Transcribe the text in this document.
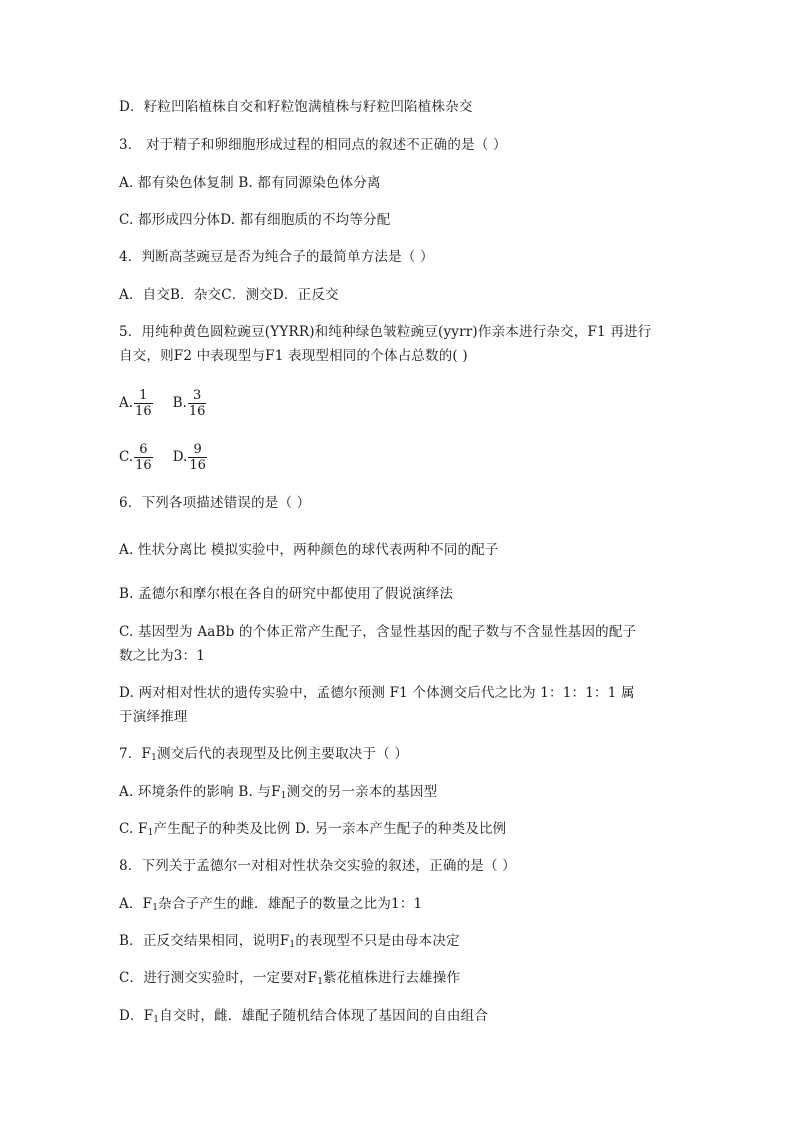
D．籽粒凹陷植株自交和籽粒饱满植株与籽粒凹陷植株杂交
3． 对于精子和卵细胞形成过程的相同点的叙述不正确的是（ ）
A. 都有染色体复制 B. 都有同源染色体分离
C. 都形成四分体D. 都有细胞质的不均等分配
4．判断高茎豌豆是否为纯合子的最简单方法是（ ）
A．自交B．杂交C．测交D．正反交
5．用纯种黄色圆粒豌豆(YYRR)和纯种绿色皱粒豌豆(yyrr)作亲本进行杂交，F1 再进行
自交，则F2 中表现型与F1 表现型相同的个体占总数的( )
A. $\frac{1}{16} B$. $\frac{3}{16}$
C. $\frac{6}{16} D$. $\frac{9}{16}$
6．下列各项描述错误的是（ ）
A. 性状分离比 模拟实验中，两种颜色的球代表两种不同的配子
B. 孟德尔和摩尔根在各自的研究中都使用了假说演绎法
C. 基因型为 AaBb 的个体正常产生配子，含显性基因的配子数与不含显性基因的配子
数之比为3：1
D. 两对相对性状的遗传实验中，孟德尔预测 F1 个体测交后代之比为 1：1：1：1 属
于演绎推理
7．$F_1$测交后代的表现型及比例主要取决于（ ）
A. 环境条件的影响 B. 与$F_1$测交的另一亲本的基因型
C. $F_1$产生配子的种类及比例 D. 另一亲本产生配子的种类及比例
8．下列关于孟德尔一对相对性状杂交实验的叙述，正确的是（ ）
A．$F_1$杂合子产生的雌．雄配子的数量之比为1：1
B．正反交结果相同，说明$F_1$的表现型不只是由母本决定
C．进行测交实验时，一定要对$F_1$紫花植株进行去雄操作
D．$F_1$自交时，雌．雄配子随机结合体现了基因间的自由组合
